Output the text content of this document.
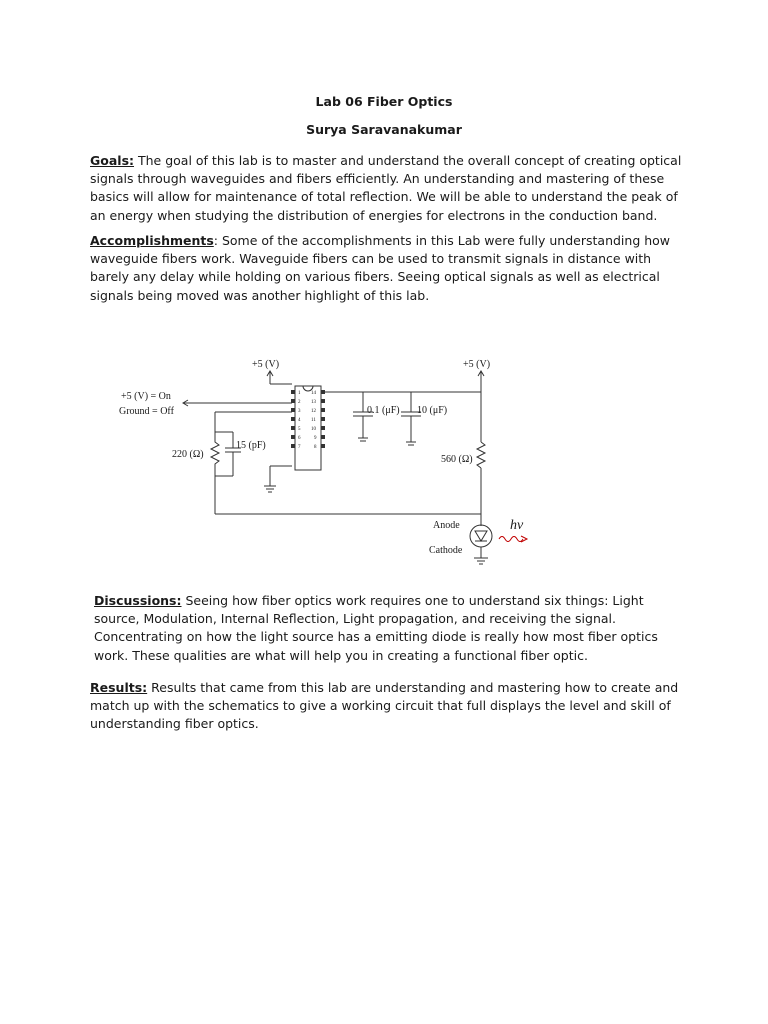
Lab 06 Fiber Optics
Surya Saravanakumar
Goals: The goal of this lab is to master and understand the overall concept of creating optical signals through waveguides and fibers efficiently. An understanding and mastering of these basics will allow for maintenance of total reflection. We will be able to understand the peak of an energy when studying the distribution of energies for electrons in the conduction band.
Accomplishments: Some of the accomplishments in this Lab were fully understanding how waveguide fibers work. Waveguide fibers can be used to transmit signals in distance with barely any delay while holding on various fibers. Seeing optical signals as well as electrical signals being moved was another highlight of this lab.
1
2
3
4
5
6
7
14
13
12
11
10
9
8
+5 (V)	+5 (V)
+5 (V) = On
Ground = Off
220 (Ω)
15 (pF)
0.1 (μF) 10 (μF)
560 (Ω)
Anode
Cathode
hν
Discussions: Seeing how fiber optics work requires one to understand six things: Light source, Modulation, Internal Reflection, Light propagation, and receiving the signal. Concentrating on how the light source has a emitting diode is really how most fiber optics work. These qualities are what will help you in creating a functional fiber optic.
Results: Results that came from this lab are understanding and mastering how to create and match up with the schematics to give a working circuit that full displays the level and skill of understanding fiber optics.
